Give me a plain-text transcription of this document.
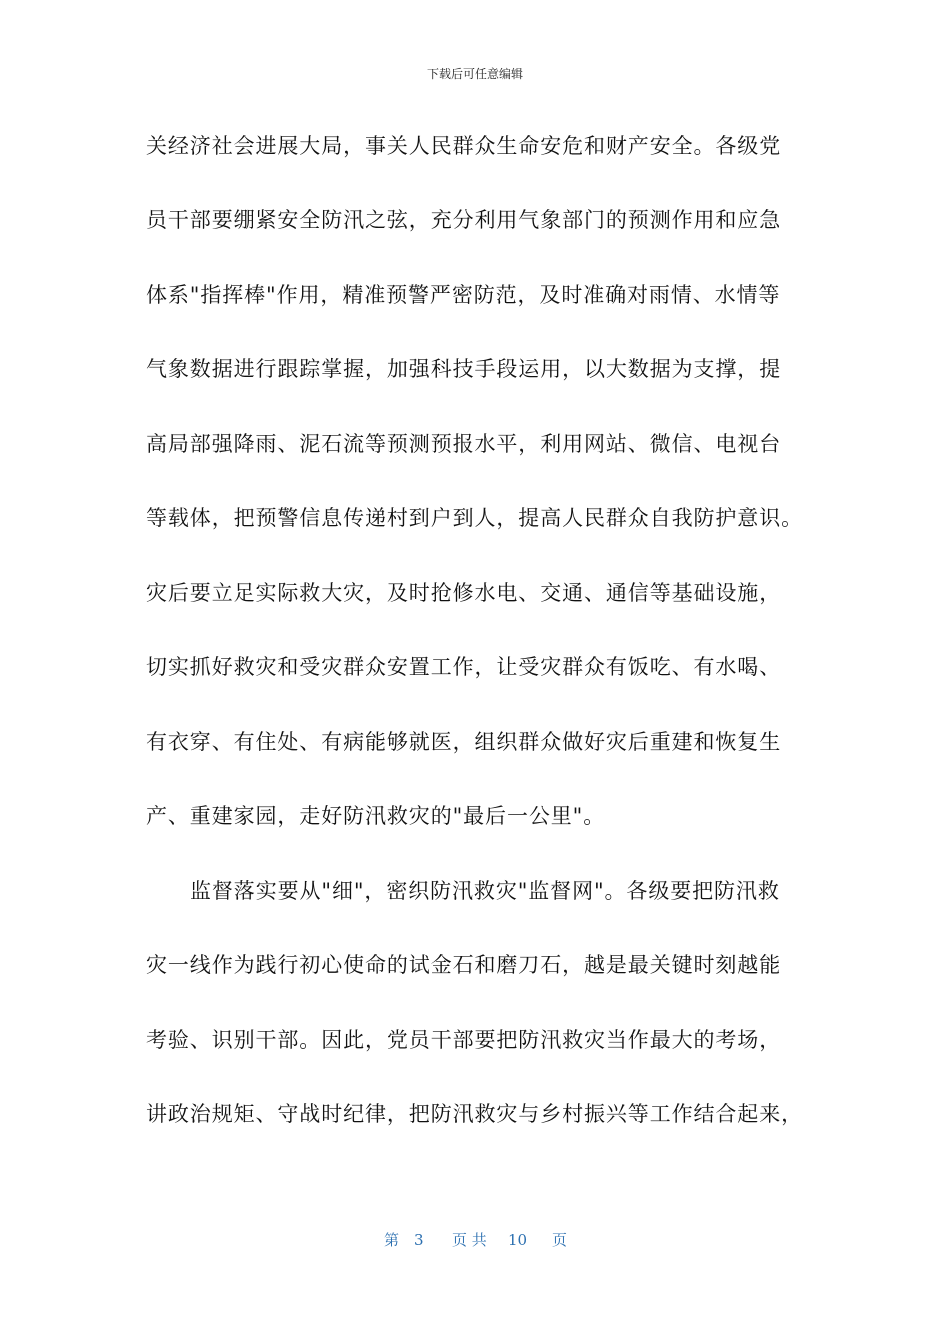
下载后可任意编辑

关经济社会进展大局，事关人民群众生命安危和财产安全。各级党

员干部要绷紧安全防汛之弦，充分利用气象部门的预测作用和应急

体系"指挥棒"作用，精准预警严密防范，及时准确对雨情、水情等

气象数据进行跟踪掌握，加强科技手段运用，以大数据为支撑，提

高局部强降雨、泥石流等预测预报水平，利用网站、微信、电视台

等载体，把预警信息传递村到户到人，提高人民群众自我防护意识。

灾后要立足实际救大灾，及时抢修水电、交通、通信等基础设施，

切实抓好救灾和受灾群众安置工作，让受灾群众有饭吃、有水喝、

有衣穿、有住处、有病能够就医，组织群众做好灾后重建和恢复生

产、重建家园，走好防汛救灾的"最后一公里"。

监督落实要从"细"，密织防汛救灾"监督网"。各级要把防汛救

灾一线作为践行初心使命的试金石和磨刀石，越是最关键时刻越能

考验、识别干部。因此，党员干部要把防汛救灾当作最大的考场，

讲政治规矩、守战时纪律，把防汛救灾与乡村振兴等工作结合起来，

第 3 页 共 10 页
